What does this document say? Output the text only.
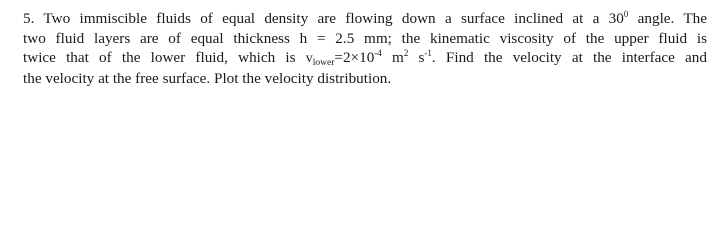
5. Two immiscible fluids of equal density are flowing down a surface inclined at a $30^0$ angle. The
two fluid layers are of equal thickness h = 2.5 mm; the kinematic viscosity of the upper fluid is
twice that of the lower fluid, which is $v_{lower}=2\times 10^{-4}$ $m^2$ $s^{-1}$. Find the velocity at the interface and
the velocity at the free surface. Plot the velocity distribution.
